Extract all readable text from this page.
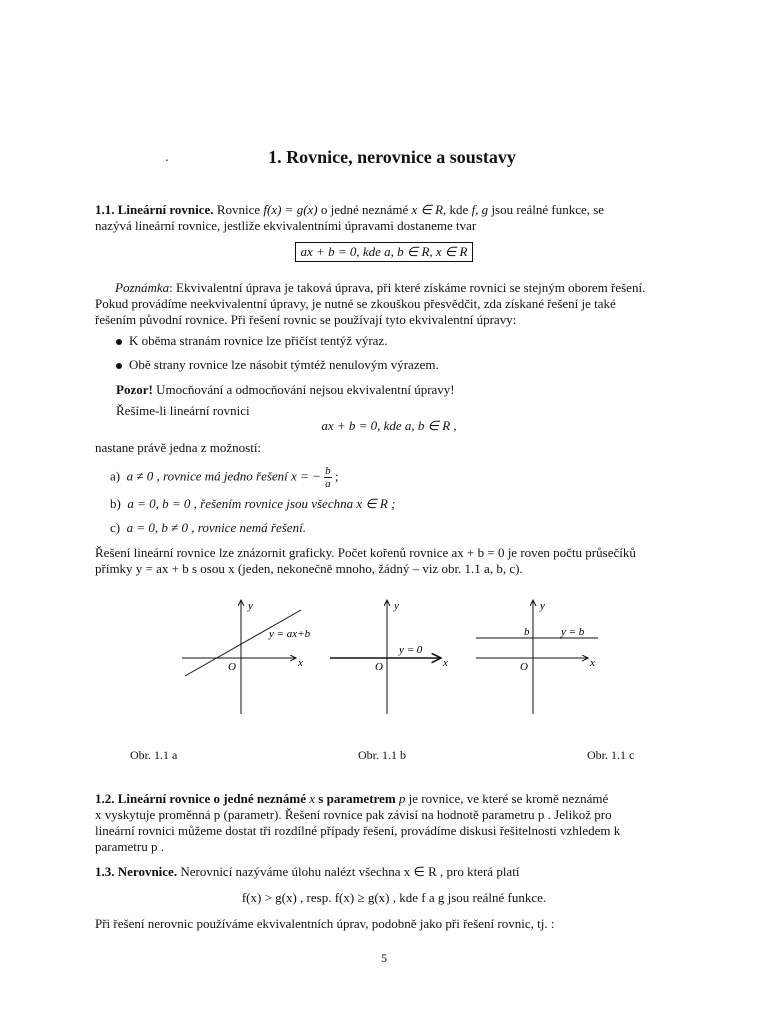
.	1. Rovnice, nerovnice a soustavy
1.1. Lineární rovnice. Rovnice f(x) = g(x) o jedné neznámé x ∈ R, kde f, g jsou reálné funkce, se
nazývá lineární rovnice, jestliže ekvivalentními úpravami dostaneme tvar
ax + b = 0, kde a, b ∈ R, x ∈ R
Poznámka: Ekvivalentní úprava je taková úprava, při které získáme rovnici se stejným oborem řešení.
Pokud provádíme neekvivalentní úpravy, je nutné se zkouškou přesvědčit, zda získané řešení je také
řešením původní rovnice. Při řešení rovnic se používají tyto ekvivalentní úpravy:
K oběma stranám rovnice lze přičíst tentýž výraz.
Obě strany rovnice lze násobit týmtéž nenulovým výrazem.
Pozor! Umocňování a odmocňování nejsou ekvivalentní úpravy!
Řešíme-li lineární rovnici
ax + b = 0, kde a, b ∈ R ,
nastane právě jedna z možností:
a) a ≠ 0 , rovnice má jedno řešení x = − $\frac{b}{a}$ ;
b) a = 0, b = 0 , řešením rovnice jsou všechna x ∈ R ;
c) a = 0, b ≠ 0 , rovnice nemá řešení.
Řešení lineární rovnice lze znázornit graficky. Počet kořenů rovnice ax + b = 0 je roven počtu průsečíků
přímky y = ax + b s osou x (jeden, nekonečně mnoho, žádný – viz obr. 1.1 a, b, c).
y
x
O
y = ax+b
y
x
O
y = 0
y
x
O
b	y = b
Obr. 1.1 a	Obr. 1.1 b	Obr. 1.1 c
1.2. Lineární rovnice o jedné neznámé x s parametrem p je rovnice, ve které se kromě neznámé
x vyskytuje proměnná p (parametr). Řešení rovnice pak závisí na hodnotě parametru p . Jelikož pro
lineární rovnici můžeme dostat tři rozdílné případy řešení, provádíme diskusi řešitelnosti vzhledem k
parametru p .
1.3. Nerovnice. Nerovnicí nazýváme úlohu nalézt všechna x ∈ R , pro která platí
f(x) > g(x) , resp. f(x) ≥ g(x) , kde f a g jsou reálné funkce.
Při řešení nerovnic používáme ekvivalentních úprav, podobně jako při řešení rovnic, tj. :
5
